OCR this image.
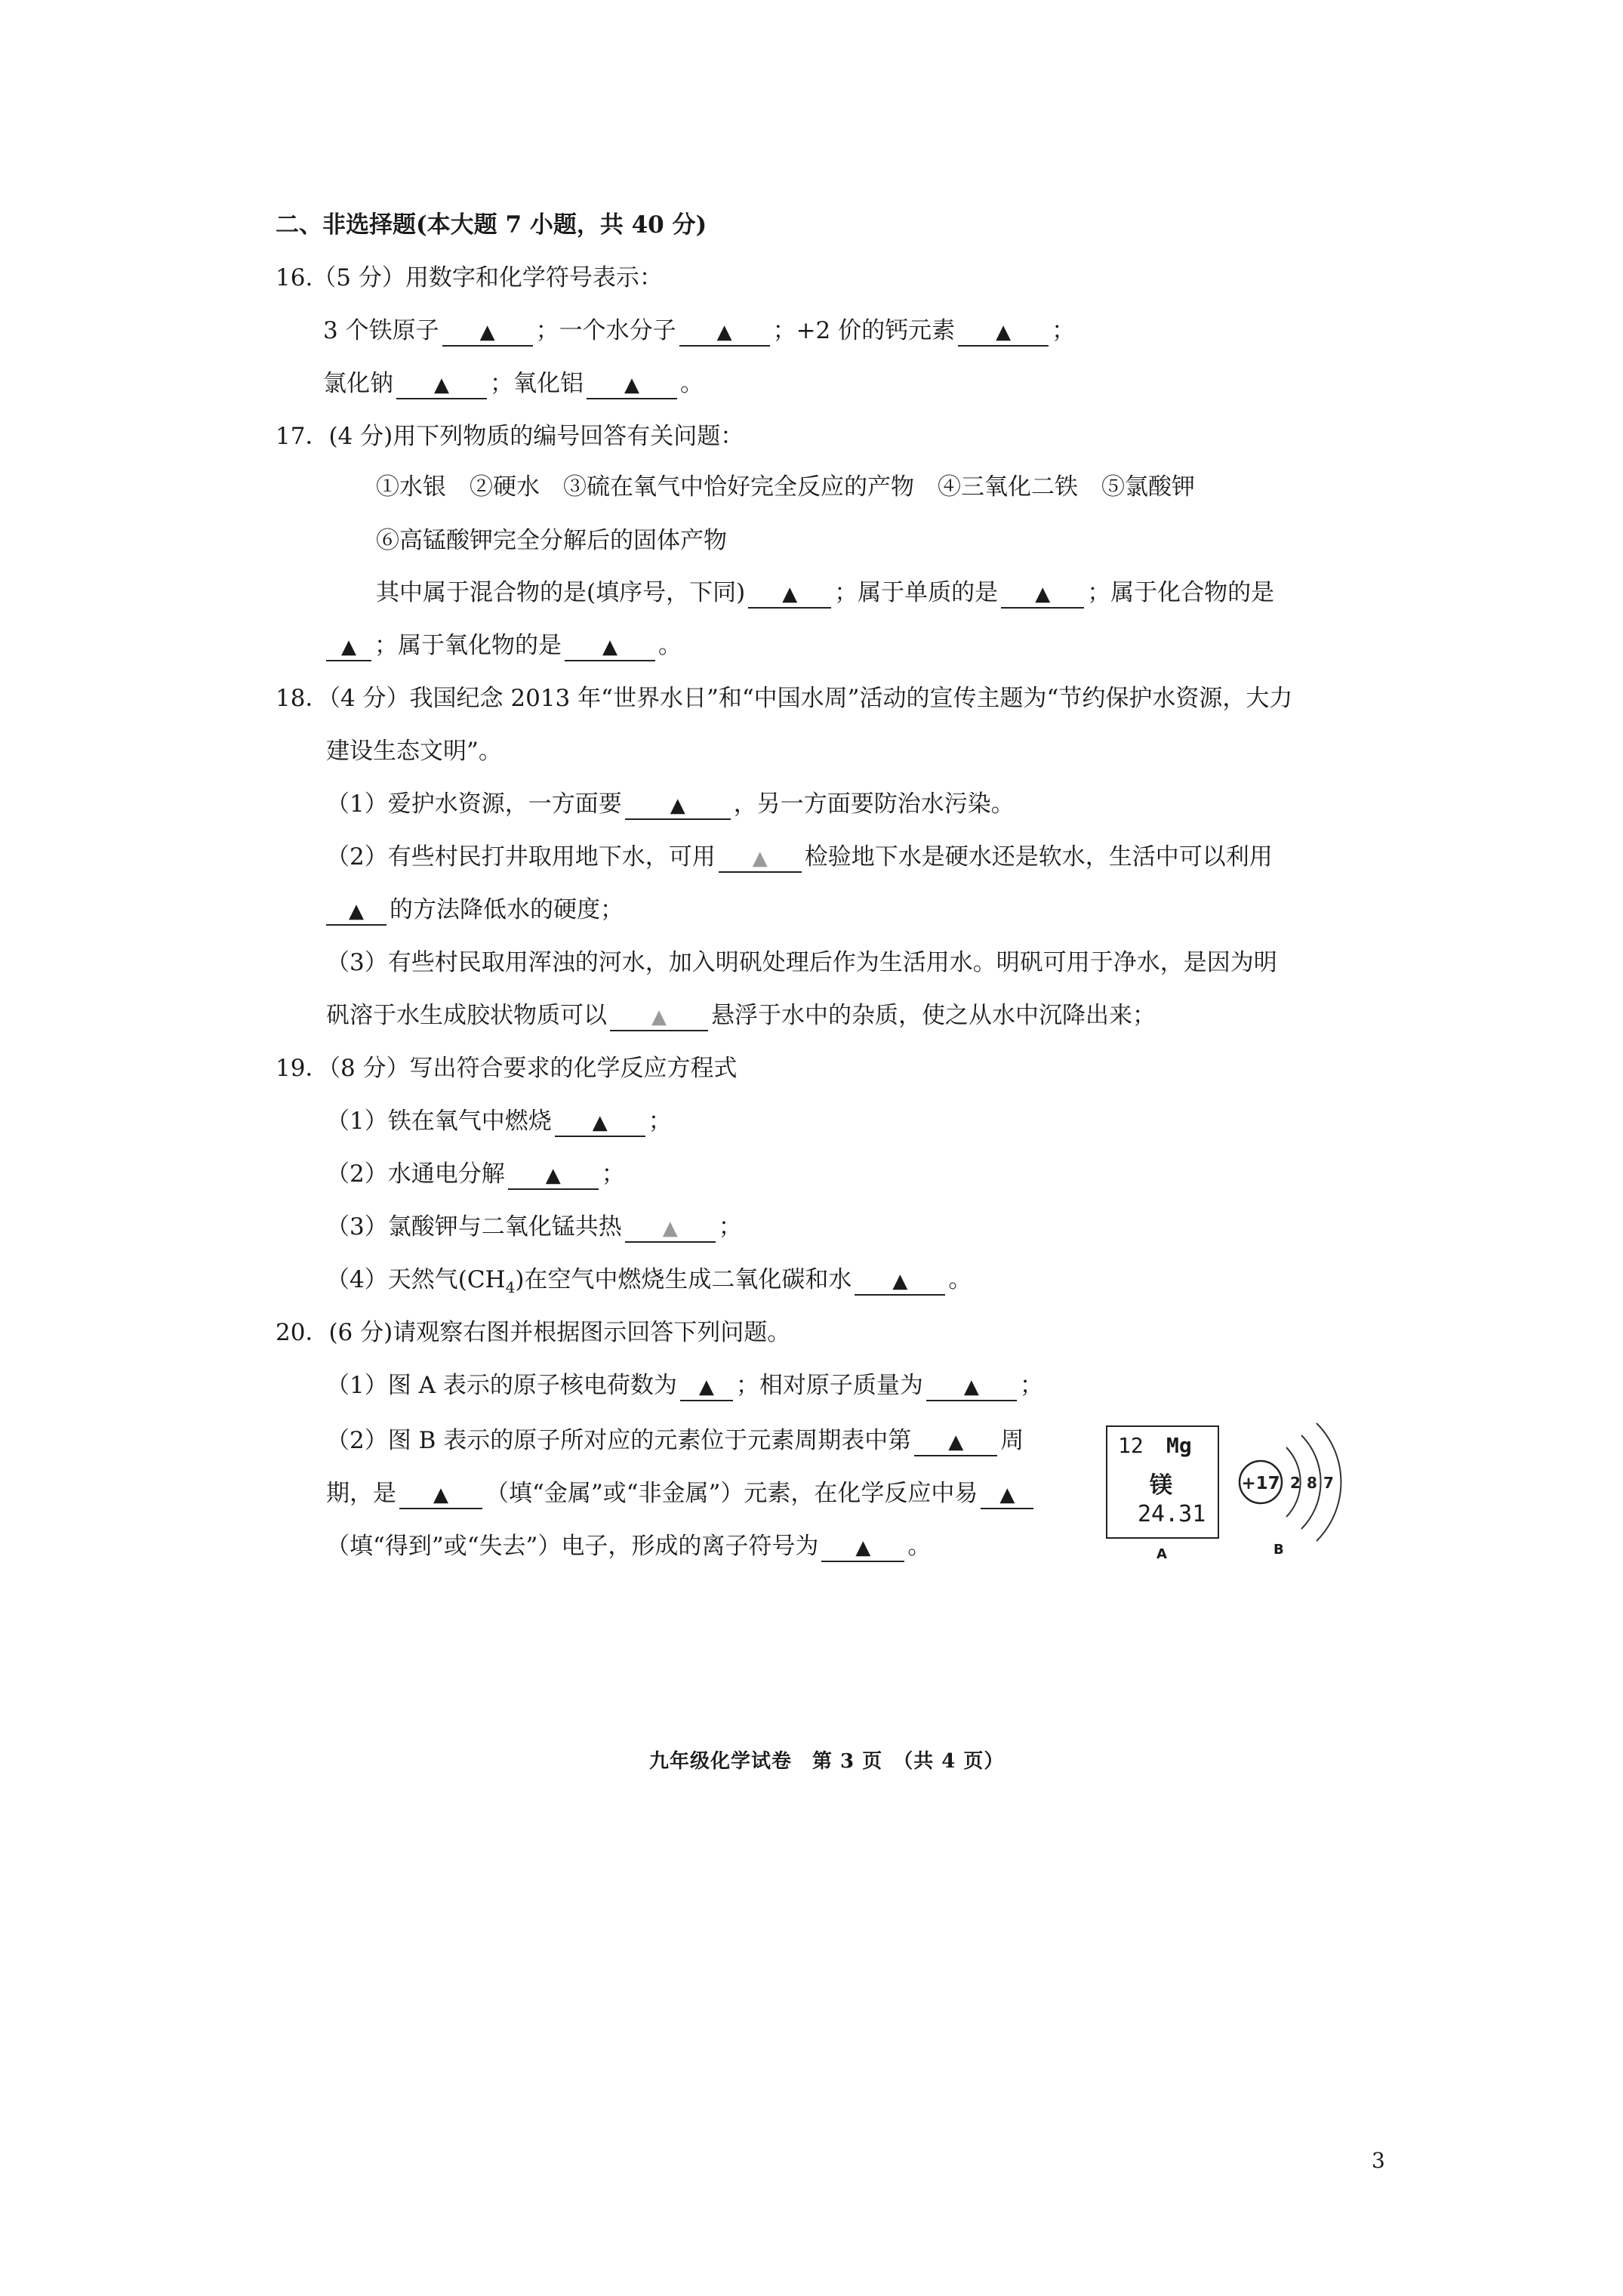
二、非选择题(本大题 7 小题，共 40 分)
16.（5 分）用数字和化学符号表示：
3 个铁原子 ▲ ；一个水分子 ▲ ；+2 价的钙元素 ▲ ；
氯化钠 ▲ ；氧化铝 ▲ 。
17．(4 分)用下列物质的编号回答有关问题：
①水银　②硬水　③硫在氧气中恰好完全反应的产物　④三氧化二铁　⑤氯酸钾
⑥高锰酸钾完全分解后的固体产物
其中属于混合物的是(填序号，下同) ▲ ；属于单质的是 ▲ ；属于化合物的是
▲ ；属于氧化物的是 ▲ 。
18．（4 分）我国纪念 2013 年“世界水日”和“中国水周”活动的宣传主题为“节约保护水资源，大力
建设生态文明”。
（1）爱护水资源，一方面要 ▲ ，另一方面要防治水污染。
（2）有些村民打井取用地下水，可用 ▲ 检验地下水是硬水还是软水，生活中可以利用
▲ 的方法降低水的硬度；
（3）有些村民取用浑浊的河水，加入明矾处理后作为生活用水。明矾可用于净水，是因为明
矾溶于水生成胶状物质可以 ▲ 悬浮于水中的杂质，使之从水中沉降出来；
19．（8 分）写出符合要求的化学反应方程式
（1）铁在氧气中燃烧 ▲ ；
（2）水通电分解 ▲ ；
（3）氯酸钾与二氧化锰共热 ▲ ；
（4）天然气$(CH_4)$在空气中燃烧生成二氧化碳和水 ▲ 。
20．(6 分)请观察右图并根据图示回答下列问题。
（1）图 A 表示的原子核电荷数为 ▲ ；相对原子质量为 ▲ ；
（2）图 B 表示的原子所对应的元素位于元素周期表中第 ▲ 周
期，是 ▲ （填“金属”或“非金属”）元素，在化学反应中易 ▲
（填“得到”或“失去”）电子，形成的离子符号为 ▲ 。
12 Mg
镁
24.31
A
+17 2 8 7
B
九年级化学试卷　第 3 页　（共 4 页）
3
